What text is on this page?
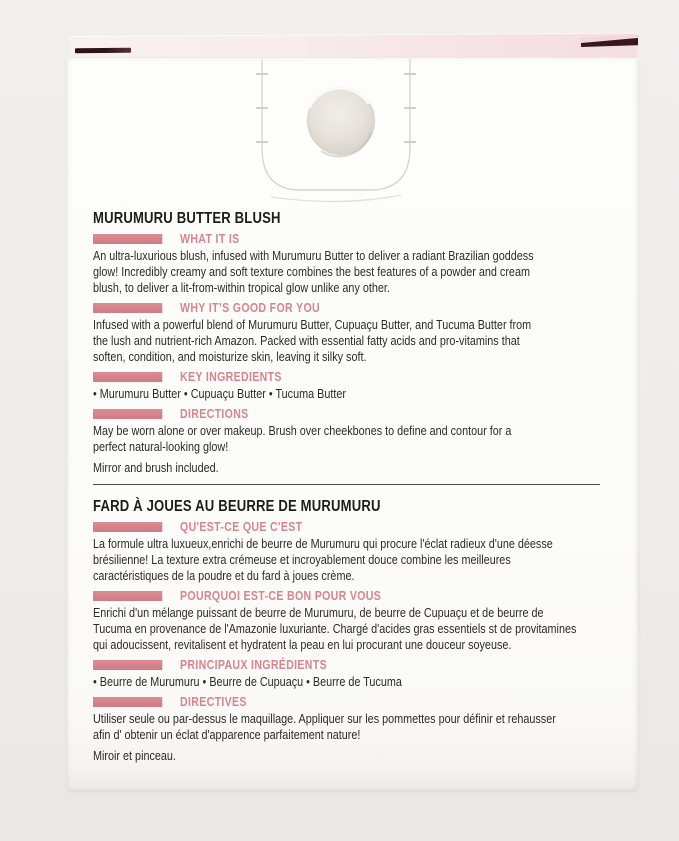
MURUMURU BUTTER BLUSH

WHAT IT IS
An ultra-luxurious blush, infused with Murumuru Butter to deliver a radiant Brazilian goddess
glow! Incredibly creamy and soft texture combines the best features of a powder and cream
blush, to deliver a lit-from-within tropical glow unlike any other.
WHY IT’S GOOD FOR YOU
Infused with a powerful blend of Murumuru Butter, Cupuaçu Butter, and Tucuma Butter from
the lush and nutrient-rich Amazon. Packed with essential fatty acids and pro-vitamins that
soften, condition, and moisturize skin, leaving it silky soft.
KEY INGREDIENTS
• Murumuru Butter • Cupuaçu Butter • Tucuma Butter
DIRECTIONS
May be worn alone or over makeup. Brush over cheekbones to define and contour for a
perfect natural-looking glow!
Mirror and brush included.

FARD À JOUES AU BEURRE DE MURUMURU

QU'EST-CE QUE C'EST
La formule ultra luxueux,enrichi de beurre de Murumuru qui procure l'éclat radieux d'une déesse
brésilienne! La texture extra crémeuse et incroyablement douce combine les meilleures
caractéristiques de la poudre et du fard à joues crème.
POURQUOI EST-CE BON POUR VOUS
Enrichi d'un mélange puissant de beurre de Murumuru, de beurre de Cupuaçu et de beurre de
Tucuma en provenance de l'Amazonie luxuriante. Chargé d'acides gras essentiels st de provitamines
qui adoucissent, revitalisent et hydratent la peau en lui procurant une douceur soyeuse.
PRINCIPAUX INGRÉDIENTS
• Beurre de Murumuru • Beurre de Cupuaçu • Beurre de Tucuma
DIRECTIVES
Utiliser seule ou par-dessus le maquillage. Appliquer sur les pommettes pour définir et rehausser
afin d' obtenir un éclat d'apparence parfaitement nature!
Miroir et pinceau.
